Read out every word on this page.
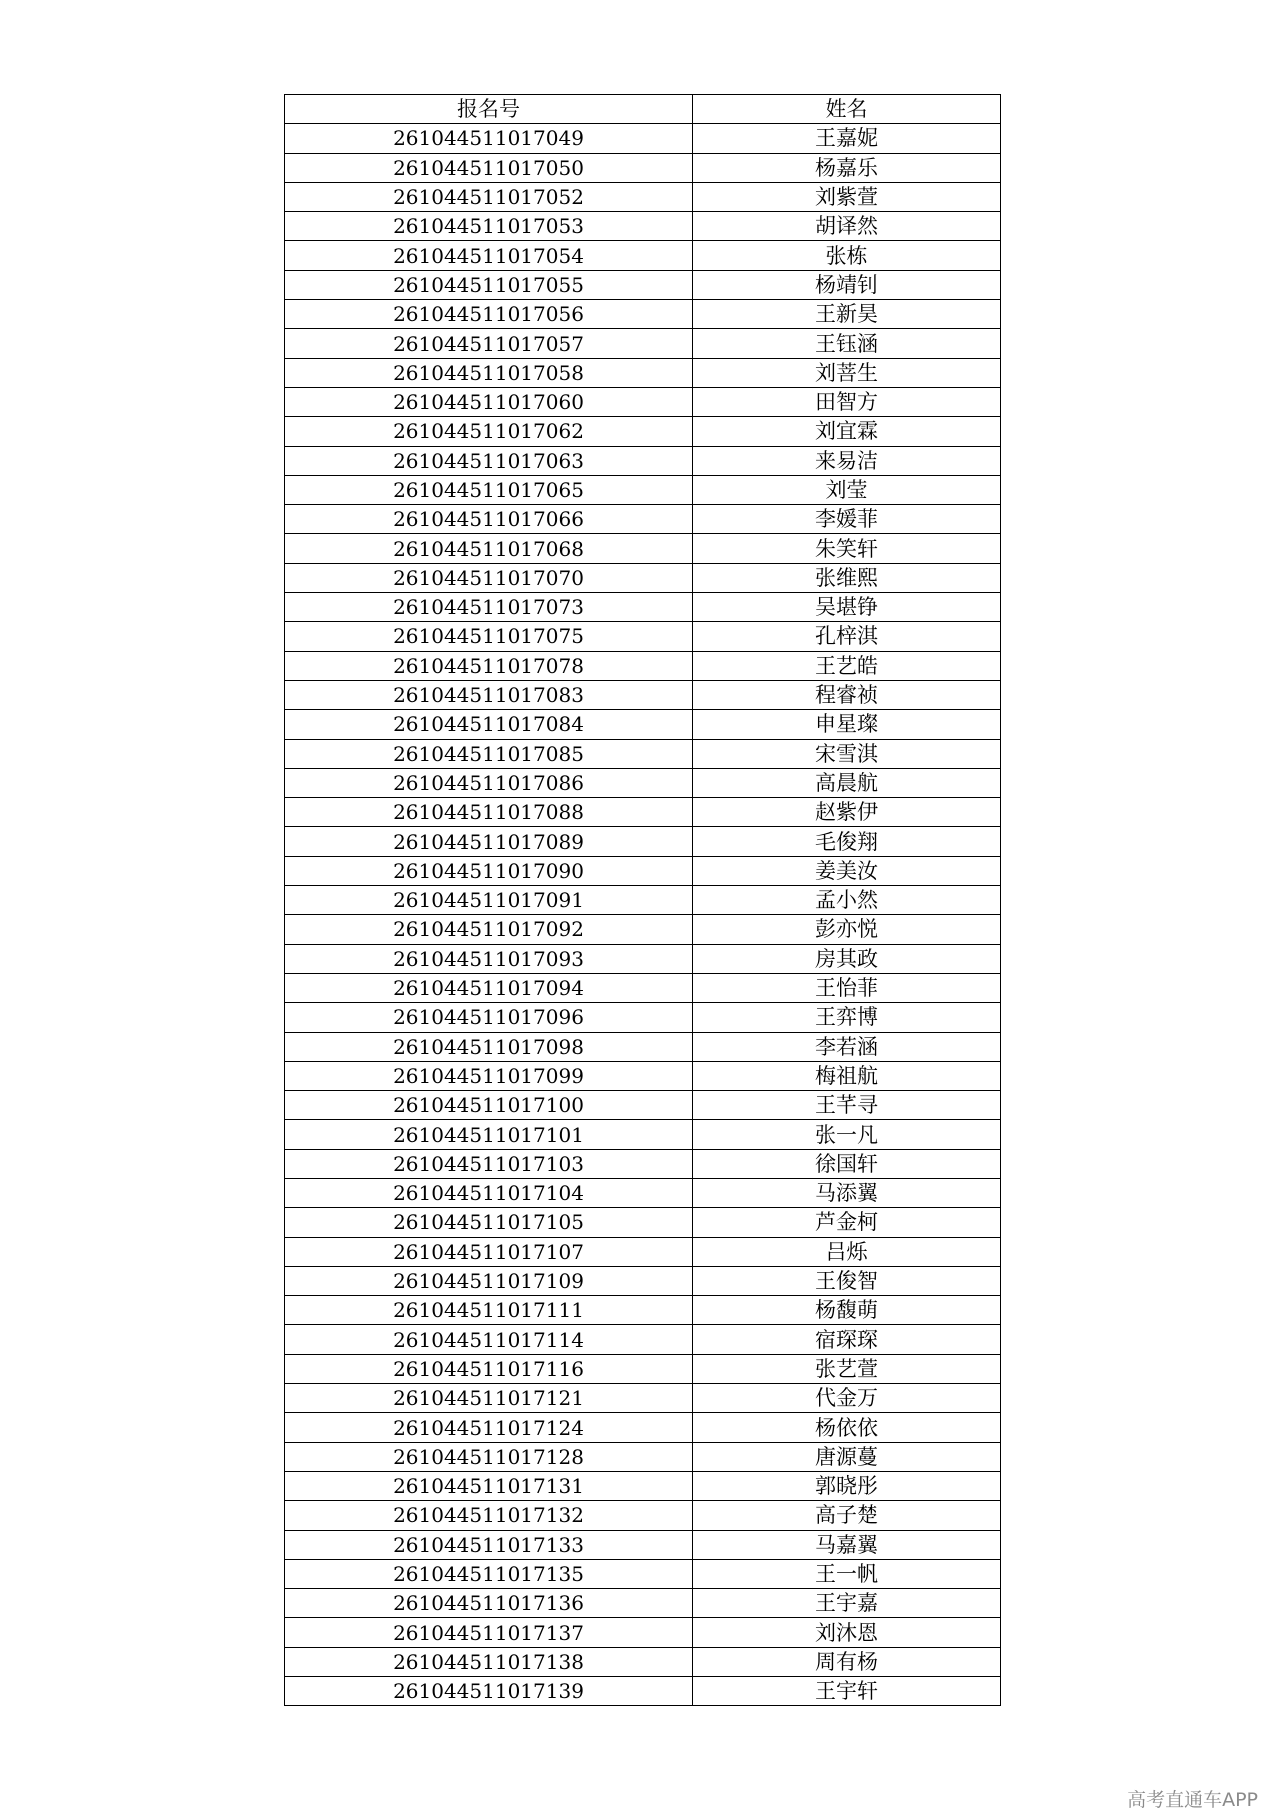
报名号	姓名
261044511017049	王嘉妮
261044511017050	杨嘉乐
261044511017052	刘紫萱
261044511017053	胡译然
261044511017054	张栋
261044511017055	杨靖钊
261044511017056	王新昊
261044511017057	王钰涵
261044511017058	刘菩生
261044511017060	田智方
261044511017062	刘宜霖
261044511017063	来易洁
261044511017065	刘莹
261044511017066	李媛菲
261044511017068	朱笑轩
261044511017070	张维熙
261044511017073	吴堪铮
261044511017075	孔梓淇
261044511017078	王艺皓
261044511017083	程睿祯
261044511017084	申星璨
261044511017085	宋雪淇
261044511017086	高晨航
261044511017088	赵紫伊
261044511017089	毛俊翔
261044511017090	姜美汝
261044511017091	孟小然
261044511017092	彭亦悦
261044511017093	房其政
261044511017094	王怡菲
261044511017096	王弈博
261044511017098	李若涵
261044511017099	梅祖航
261044511017100	王芊寻
261044511017101	张一凡
261044511017103	徐国轩
261044511017104	马添翼
261044511017105	芦金柯
261044511017107	吕烁
261044511017109	王俊智
261044511017111	杨馥萌
261044511017114	宿琛琛
261044511017116	张艺萱
261044511017121	代金万
261044511017124	杨依依
261044511017128	唐源蔓
261044511017131	郭晓彤
261044511017132	高子楚
261044511017133	马嘉翼
261044511017135	王一帆
261044511017136	王宇嘉
261044511017137	刘沐恩
261044511017138	周有杨
261044511017139	王宇轩
高考直通车APP
